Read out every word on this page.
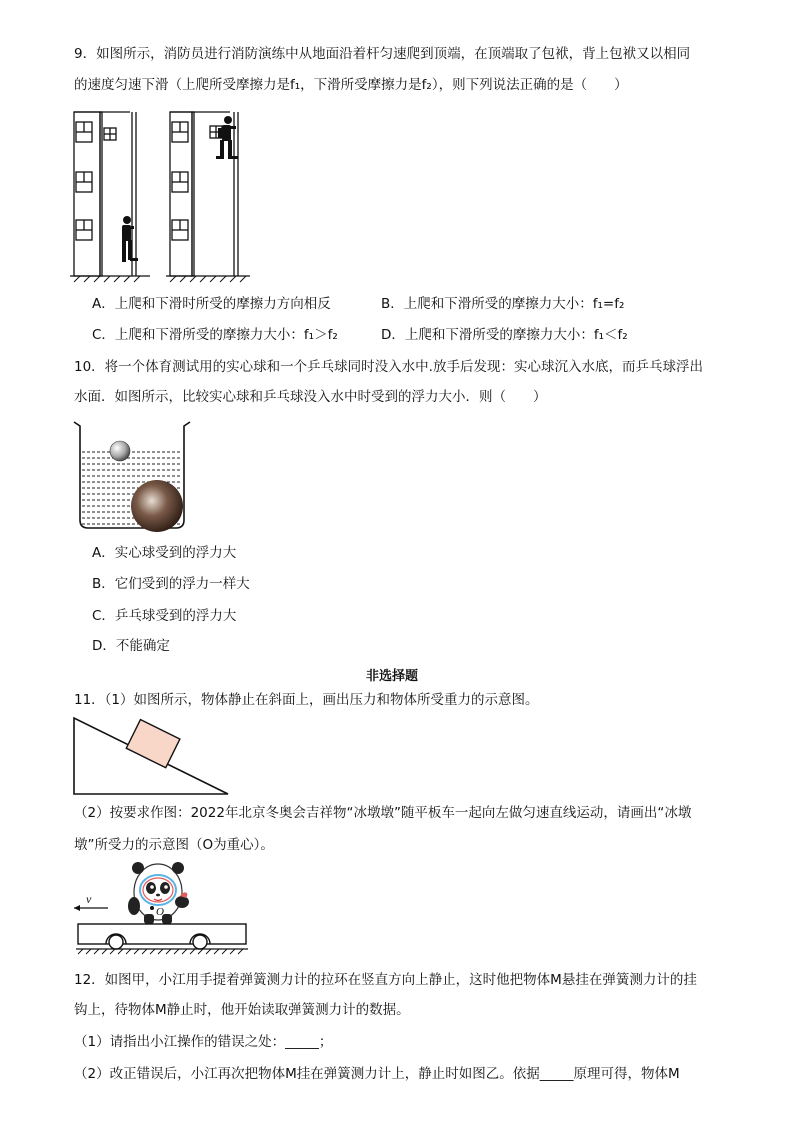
9．如图所示，消防员进行消防演练中从地面沿着杆匀速爬到顶端，在顶端取了包袱，背上包袱又以相同
的速度匀速下滑（上爬所受摩擦力是f₁，下滑所受摩擦力是f₂），则下列说法正确的是（　　）
A．上爬和下滑时所受的摩擦力方向相反	B．上爬和下滑所受的摩擦力大小：f₁=f₂
C．上爬和下滑所受的摩擦力大小：f₁＞f₂	D．上爬和下滑所受的摩擦力大小：f₁＜f₂
10．将一个体育测试用的实心球和一个乒乓球同时没入水中.放手后发现：实心球沉入水底，而乒乓球浮出
水面．如图所示，比较实心球和乒乓球没入水中时受到的浮力大小．则（　　）
A．实心球受到的浮力大
B．它们受到的浮力一样大
C．乒乓球受到的浮力大
D．不能确定
非选择题
11．（1）如图所示，物体静止在斜面上，画出压力和物体所受重力的示意图。
（2）按要求作图：2022年北京冬奥会吉祥物“冰墩墩”随平板车一起向左做匀速直线运动，请画出“冰墩
墩”所受力的示意图（O为重心）。
O
v
12．如图甲，小江用手提着弹簧测力计的拉环在竖直方向上静止，这时他把物体M悬挂在弹簧测力计的挂
钩上，待物体M静止时，他开始读取弹簧测力计的数据。
（1）请指出小江操作的错误之处：_____；
（2）改正错误后，小江再次把物体M挂在弹簧测力计上，静止时如图乙。依据_____原理可得，物体M
